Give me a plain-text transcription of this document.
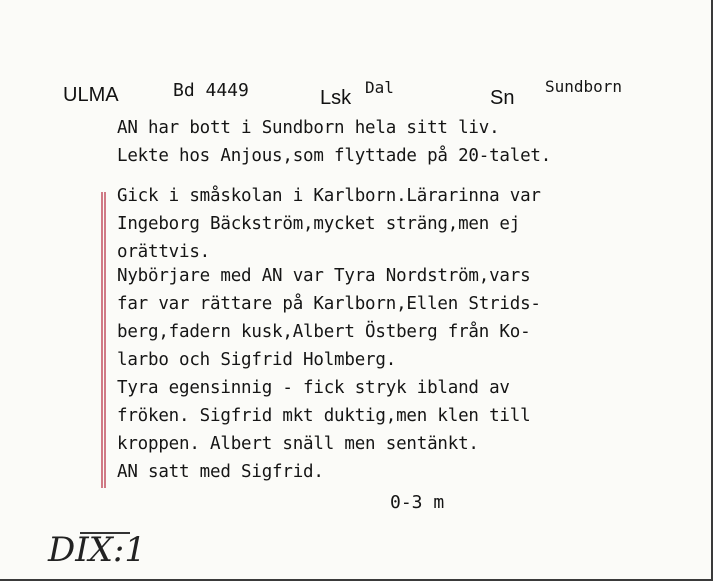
ULMA	Bd 4449	Lsk Dal	Sn
Sundborn
AN har bott i Sundborn hela sitt liv.
Lekte hos Anjous,som flyttade på 20-talet.
Gick i småskolan i Karlborn.Lärarinna var
Ingeborg Bäckström,mycket sträng,men ej
orättvis.
Nybörjare med AN var Tyra Nordström,vars
far var rättare på Karlborn,Ellen Strids-
berg,fadern kusk,Albert Östberg från Ko-
larbo och Sigfrid Holmberg.
Tyra egensinnig - fick stryk ibland av
fröken. Sigfrid mkt duktig,men klen till
kroppen. Albert snäll men sentänkt.
AN satt med Sigfrid.
0-3 m
DIX:1
